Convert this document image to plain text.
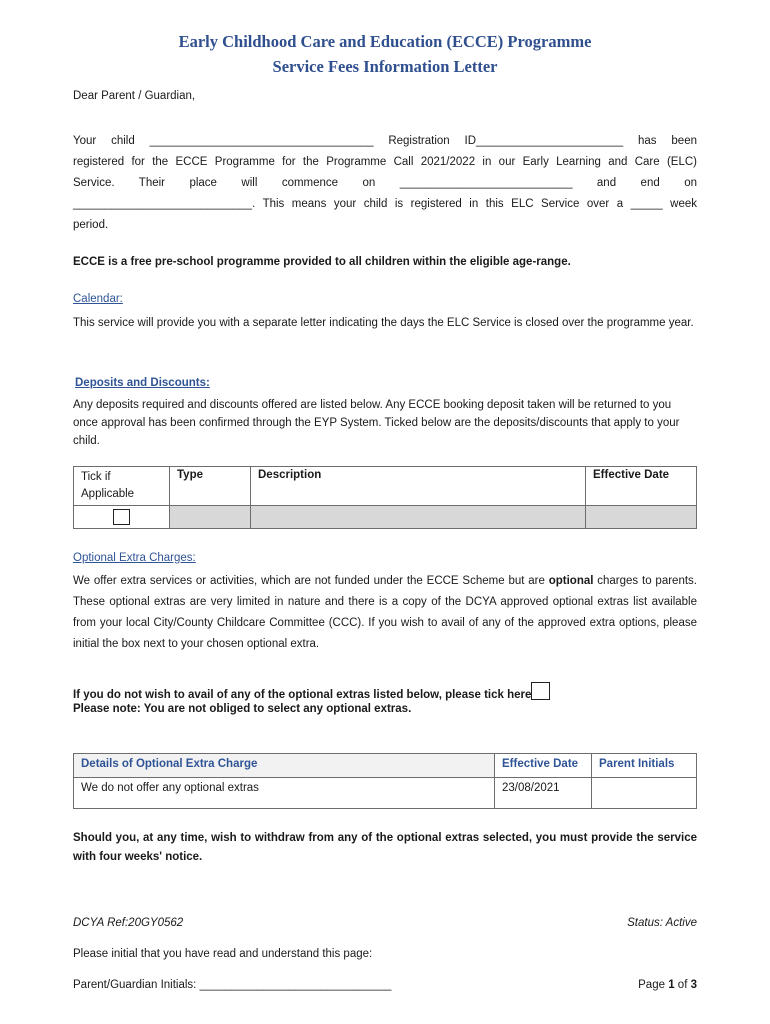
Early Childhood Care and Education (ECCE) Programme
Service Fees Information Letter
Dear Parent / Guardian,
Your child ___________________________________ Registration ID_______________________ has been
registered for the ECCE Programme for the Programme Call 2021/2022 in our Early Learning and Care (ELC)
Service. Their place will commence on ___________________________ and end on
____________________________. This means your child is registered in this ELC Service over a _____ week
period.
ECCE is a free pre-school programme provided to all children within the eligible age-range.
Calendar:
This service will provide you with a separate letter indicating the days the ELC Service is closed over the programme year.
Deposits and Discounts:
Any deposits required and discounts offered are listed below. Any ECCE booking deposit taken will be returned to you once approval has been confirmed through the EYP System. Ticked below are the deposits/discounts that apply to your child.
Tick if Applicable	Type	Description	Effective Date

Optional Extra Charges:
We offer extra services or activities, which are not funded under the ECCE Scheme but are optional charges to parents. These optional extras are very limited in nature and there is a copy of the DCYA approved optional extras list available from your local City/County Childcare Committee (CCC). If you wish to avail of any of the approved extra options, please initial the box next to your chosen optional extra.
If you do not wish to avail of any of the optional extras listed below, please tick here
Please note: You are not obliged to select any optional extras.
Details of Optional Extra Charge	Effective Date	Parent Initials
We do not offer any optional extras	23/08/2021	
Should you, at any time, wish to withdraw from any of the optional extras selected, you must provide the service with four weeks' notice.
DCYA Ref:20GY0562	Status: Active
Please initial that you have read and understand this page:
Parent/Guardian Initials: ______________________________	Page 1 of 3
